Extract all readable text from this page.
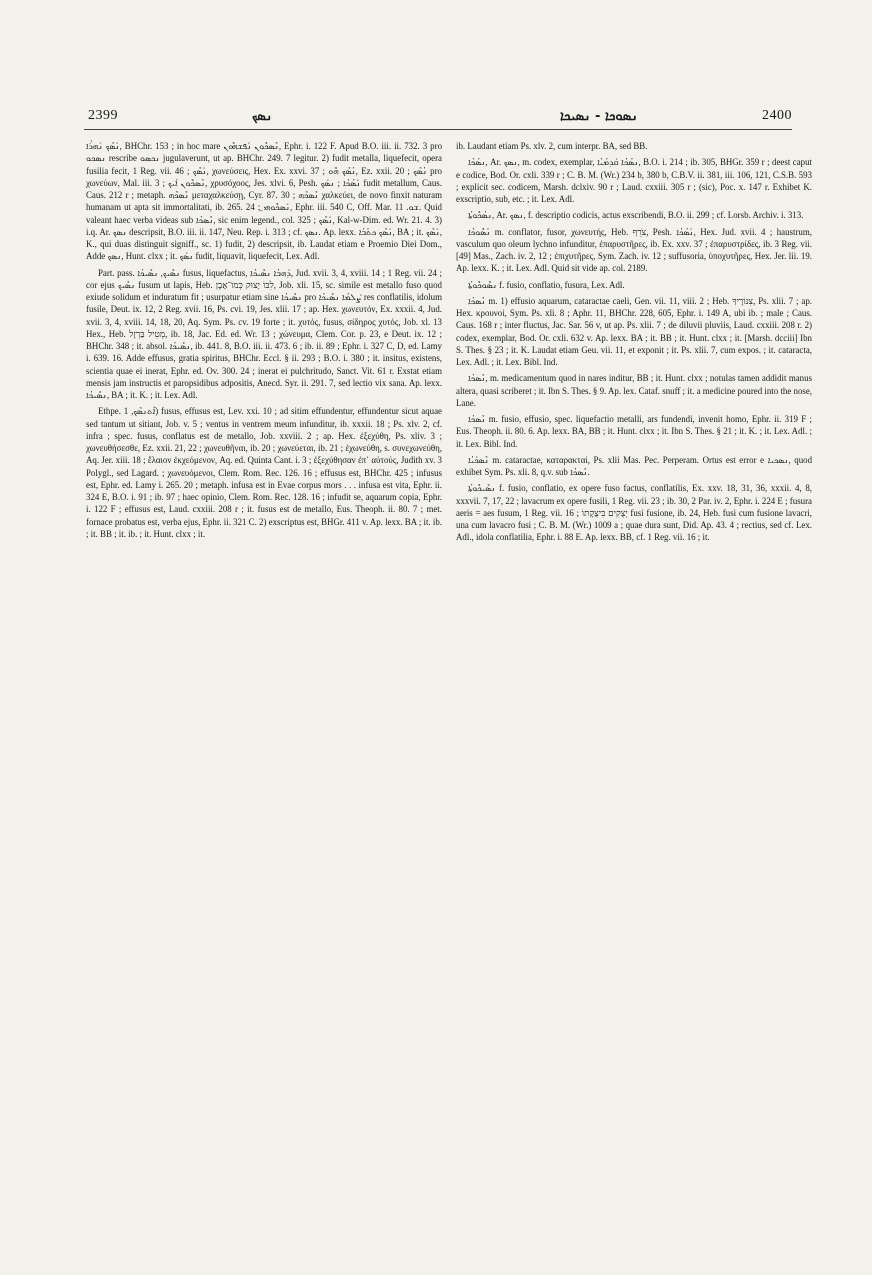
2399	ܢܣܟ	ܢܣܘܟܐ - ܢܣܝܟܐ	2400

ܢܰܣܶܟ ܢܰܗܪܳܐ, BHChr. 153 ; in hoc mare ܢܶܣܟܽܘܢ ܢܰܦܫܗܽܘܢ, Ephr. i. 122 F. Apud B.O. iii. ii. 732. 3 pro ܢܣܟܘ rescribe ܢܟܣܘ jugulaverunt, ut ap. BHChr. 249. 7 legitur. 2) fudit metalla, liquefecit, opera fusilia fecit, 1 Reg. vii. 46 ; ܢܰܣܶܟ, χωνεύσεις, Hex. Ex. xxvi. 37 ; ܢܳܣܶܟ ܗܽܘ, Ez. xxii. 20 ; ܢܳܣܶܟ pro χωνεύων, Mal. iii. 3 ; ܢܶܣܟܽܘܢ ܐܰܝܟ, χρυσόχοος, Jes. xlvi. 6, Pesh. ܢܰܣܳܟܳܐ ; ܢܣܰܟ fudit metallum, Caus. Caus. 212 r ; metaph. ܢܶܣܟܶܗ μεταχαλκεύσῃ, Cyr. 87. 30 ; ܢܶܣܟܶܗ χαλκεύει, de novo finxit naturam humanam ut apta sit immortalitati, ib. 265. 24 ; ܢܰܣܟܽܘܗ̱ܝ, Ephr. iii. 540 C, Off. Mar. ܫܘ. 11. Quid valeant haec verba videas sub ܢܶܣܟܳܐ, sic enim legend., col. 325 ; ܢܰܣܶܟ, Kal-w-Dim. ed. Wr. 21. 4. 3) i.q. Ar. ܢܣܟ descripsit, B.O. iii. ii. 147, Neu. Rep. i. 313 ; cf. ܢܣܟ. Ap. lexx. ܢܰܣܶܟ ܟܬܳܒܳܐ, BA ; it. ܢܰܣܶܟ, K., qui duas distinguit signiff., sc. 1) fudit, 2) descripsit, ib. Laudat etiam e Proemio Diei Dom., Adde ܢܣܟ, Hunt. clxx ; it. ܢܣܰܟ fudit, liquavit, liquefecit, Lex. Adl.

Part. pass. ܢܣܺܝܟ, ܢܣܺܝܟܳܐ fusus, liquefactus, ܕܰܗܒܳܐ ܢܣܺܝܟܳܐ, Jud. xvii. 3, 4, xviii. 14 ; 1 Reg. vii. 24 ; cor ejus ܢܣܺܝܟ fusum ut lapis, Heb. לִבּוֹ יָצוּק כְּמוֹ־אָבֶן, Job. xli. 15, sc. simile est metallo fuso quod exiude solidum et induratum fit ; usurpatur etiam sine ܢܣܺܝܟܳܐ pro ܨܰܠܡܳܐ ܢܣܺܝܟܳܐ res conflatilis, idolum fusile, Deut. ix. 12, 2 Reg. xvii. 16, Ps. cvi. 19, Jes. xlii. 17 ; ap. Hex. χωνευτόν, Ex. xxxii. 4, Jud. xvii. 3, 4, xviii. 14, 18, 20, Aq. Sym. Ps. cv. 19 forte ; it. χυτός, fusus, σίδηρος χυτός, Job. xl. 13 Hex., Heb. מְטִיל בַּרְזֶל, ib. 18, Jac. Ed. ed. Wr. 13 ; χώνευμα, Clem. Cor. p. 23, e Deut. ix. 12 ; BHChr. 348 ; it. absol. ܢܣܺܝܟܳܐ, ib. 441. 8, B.O. iii. ii. 473. 6 ; ib. ii. 89 ; Ephr. i. 327 C, D, ed. Lamy i. 639. 16. Adde effusus, gratia spiritus, BHChr. Eccl. § ii. 293 ; B.O. i. 380 ; it. insitus, existens, scientia quae ei inerat, Ephr. ed. Ov. 300. 24 ; inerat ei pulchritudo, Sanct. Vit. 61 r. Exstat etiam mensis jam instructis et paropsidibus adpositis, Anecd. Syr. ii. 291. 7, sed lectio vix sana. Ap. lexx. ܢܣܺܝܟܳܐ, BA ; it. K. ; it. Lex. Adl.

Ethpe. ܐܶܬܢܣܶܟ, 1) fusus, effusus est, Lev. xxi. 10 ; ad sitim effundentur, effundentur sicut aquae sed tantum ut sitiant, Job. v. 5 ; ventus in ventrem meum infunditur, ib. xxxii. 18 ; Ps. xlv. 2, cf. infra ; spec. fusus, conflatus est de metallo, Job. xxviii. 2 ; ap. Hex. ἐξεχύθη, Ps. xliv. 3 ; χωνευθήσεσθε, Ez. xxii. 21, 22 ; χωνευθῆναι, ib. 20 ; χωνεύεται, ib. 21 ; ἐχωνεύθη, s. συνεχωνεύθη, Aq. Jer. xiii. 18 ; ἔλαιον ἐκχεόμενον, Aq. ed. Quinta Cant. i. 3 ; ἐξεχύθησαν ἐπ᾽ αὐτούς, Judith xv. 3 Polygl., sed Lagard. ; χωνευόμενοι, Clem. Rom. Rec. 126. 16 ; effusus est, BHChr. 425 ; infusus est, Ephr. ed. Lamy i. 265. 20 ; metaph. infusa est in Evae corpus mors . . . infusa est vita, Ephr. ii. 324 E, B.O. i. 91 ; ib. 97 ; haec opinio, Clem. Rom. Rec. 128. 16 ; infudit se, aquarum copia, Ephr. i. 122 F ; effusus est, Laud. cxxiii. 208 r ; it. fusus est de metallo, Eus. Theoph. ii. 80. 7 ; met. fornace probatus est, verba ejus, Ephr. ii. 321 C. 2) exscriptus est, BHGr. 411 v. Ap. lexx. BA ; it. ib. ; it. BB ; it. ib. ; it. Hunt. clxx ; it.

ib. Laudant etiam Ps. xlv. 2, cum interpr. BA, sed BB.

ܢܣܳܟܳܐ, Ar. ܢܣܟ, m. codex, exemplar, ܢܣܳܟܳܐ ܩܰܕܡܳܝܳܐ, B.O. i. 214 ; ib. 305, BHGr. 359 r ; deest caput e codice, Bod. Or. cxli. 339 r ; C. B. M. (Wr.) 234 b, 380 b, C.B.V. ii. 381, iii. 106, 121, C.S.B. 593 ; explicit sec. codicem, Marsh. dclxiv. 90 r ; Laud. cxxiii. 305 r ; (sic), Poc. x. 147 r. Exhibet K. exscriptio, sub, etc. ; it. Lex. Adl.

ܢܣܳܟܽܘܬܳܐ, Ar. ܢܣܟ, f. descriptio codicis, actus exscribendi, B.O. ii. 299 ; cf. Lorsb. Archiv. i. 313.

ܢܳܣܽܘܟܳܐ m. conflator, fusor, χωνευτής, Heb. צֹרֵף, Pesh. ܢܰܣܳܟܳܐ, Hex. Jud. xvii. 4 ; haustrum, vasculum quo oleum lychno infunditur, ἐπαρυστῆρες, ib. Ex. xxv. 37 ; ἐπαρυστρίδες, ib. 3 Reg. vii. [49] Mas., Zach. iv. 2, 12 ; ἐπιχυτῆρες, Sym. Zach. iv. 12 ; suffusoria, ὑποχυτῆρες, Hex. Jer. lii. 19. Ap. lexx. K. ; it. Lex. Adl. Quid sit vide ap. col. 2189.

ܢܣܽܘܟܽܘܬܳܐ f. fusio, conflatio, fusura, Lex. Adl.

ܢܶܣܟܳܐ m. 1) effusio aquarum, cataractae caeli, Gen. vii. 11, viii. 2 ; Heb. צִנּוֹרֶיךָ, Ps. xlii. 7 ; ap. Hex. κρουνοί, Sym. Ps. xli. 8 ; Aphr. 11, BHChr. 228, 605, Ephr. i. 149 A, ubi ib. ; male ; Caus. Caus. 168 r ; inter fluctus, Jac. Sar. 56 v, ut ap. Ps. xlii. 7 ; de diluvii pluviis, Laud. cxxiii. 208 r. 2) codex, exemplar, Bod. Or. cxli. 632 v. Ap. lexx. BA ; it. BB ; it. Hunt. clxx ; it. [Marsh. dcciii] Ibn S. Thes. § 23 ; it. K. Laudat etiam Geu. vii. 11, et exponit ; it. Ps. xlii. 7, cum expos. ; it. cataracta, Lex. Adl. ; it. Lex. Bibl. Ind.

ܢܶܣܟܳܐ, m. medicamentum quod in nares inditur, BB ; it. Hunt. clxx ; notulas tamen addidit manus altera, quasi scriberet ; it. Ibn S. Thes. § 9. Ap. lex. Cataf. snuff ; it. a medicine poured into the nose, Lane.

ܢܶܣܟܳܐ m. fusio, effusio, spec. liquefactio metalli, ars fundendi, invenit homo, Ephr. ii. 319 F ; Eus. Theoph. ii. 80. 6. Ap. lexx. BA, BB ; it. Hunt. clxx ; it. Ibn S. Thes. § 21 ; it. K. ; it. Lex. Adl. ; it. Lex. Bibl. Ind.

ܢܶܣܟܰܝܳܐ m. cataractae, καταρακταί, Ps. xlii Mas. Pec. Perperam. Ortus est error e ܢܣܟܝܐ, quod exhibet Sym. Ps. xli. 8, q.v. sub ܢܶܣܟܳܐ.

ܢܣܺܝܟܽܘܬܳܐ f. fusio, conflatio, ex opere fuso factus, conflatilis, Ex. xxv. 18, 31, 36, xxxii. 4, 8, xxxvii. 7, 17, 22 ; lavacrum ex opere fusili, 1 Reg. vii. 23 ; ib. 30, 2 Par. iv. 2, Ephr. i. 224 E ; fusura aeris = aes fusum, 1 Reg. vii. 16 ; יְצֻקִים בִּיצֻקָתוֹ fusi fusione, ib. 24, Heb. fusi cum fusione lavacri, una cum lavacro fusi ; C. B. M. (Wr.) 1009 a ; quae dura sunt, Did. Ap. 43. 4 ; rectius, sed cf. Lex. Adl., idola conflatilia, Ephr. i. 88 E. Ap. lexx. BB, cf. 1 Reg. vii. 16 ; it.
